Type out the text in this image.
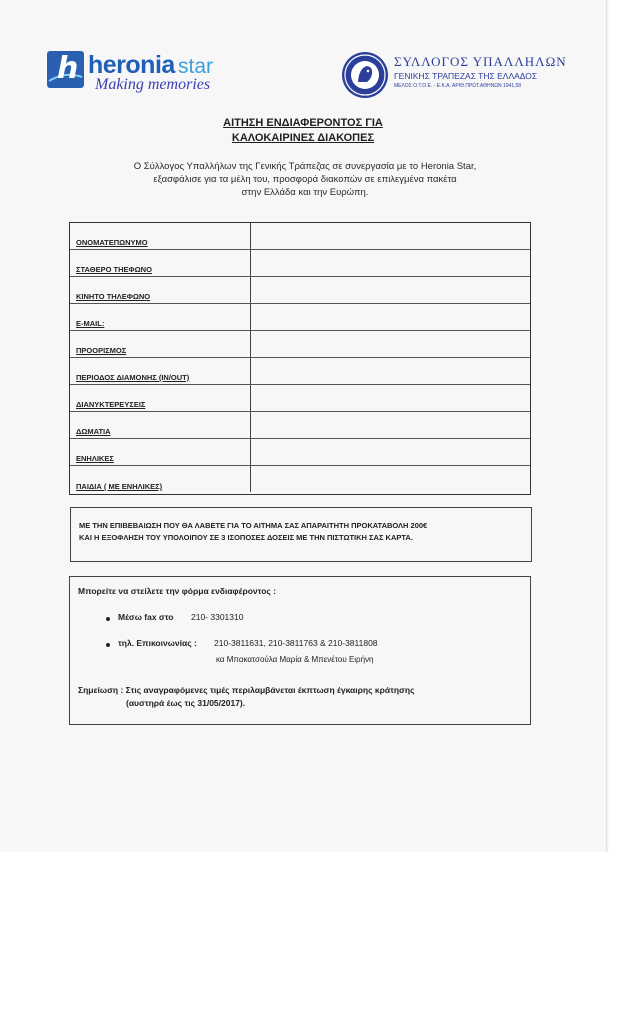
h heronia star
Making memories
ΣΥΛΛΟΓΟΣ ΥΠΑΛΛΗΛΩΝ
ΓΕΝΙΚΗΣ ΤΡΑΠΕΖΑΣ ΤΗΣ ΕΛΛΑΔΟΣ
ΜΕΛΟΣ Ο.Τ.Ο.Ε. - Ε.Κ.Α. ΑΡΙΘ.ΠΡΩΤ.ΑΘΗΝΩΝ 1941,58
ΑΙΤΗΣΗ ΕΝΔΙΑΦΕΡΟΝΤΟΣ ΓΙΑ
ΚΑΛΟΚΑΙΡΙΝΕΣ ΔΙΑΚΟΠΕΣ
Ο Σύλλογος Υπαλλήλων της Γενικής Τράπεζας σε συνεργασία με το Heronia Star,
εξασφάλισε για τα μέλη του, προσφορά διακοπών σε επιλεγμένα πακέτα
στην Ελλάδα και την Ευρώπη.
ΟΝΟΜΑΤΕΠΩΝΥΜΟ
ΣΤΑΘΕΡΟ ΤΗΕΦΩΝΟ
ΚΙΝΗΤΟ ΤΗΛΕΦΩΝΟ
E-MAIL:
ΠΡΟΟΡΙΣΜΟΣ
ΠΕΡΙΟΔΟΣ ΔΙΑΜΟΝΗΣ (IN/OUT)
ΔΙΑΝΥΚΤΕΡΕΥΣΕΙΣ
ΔΩΜΑΤΙΑ
ΕΝΗΛΙΚΕΣ
ΠΑΙΔΙΑ ( ΜΕ ΕΝΗΛΙΚΕΣ)
ΜΕ ΤΗΝ ΕΠΙΒΕΒΑΙΩΣΗ ΠΟΥ ΘΑ ΛΑΒΕΤΕ ΓΙΑ ΤΟ ΑΙΤΗΜΑ ΣΑΣ ΑΠΑΡΑΙΤΗΤΗ ΠΡΟΚΑΤΑΒΟΛΗ 200€
ΚΑΙ Η ΕΞΟΦΛΗΣΗ ΤΟΥ ΥΠΟΛΟΙΠΟΥ ΣΕ 3 ΙΣΟΠΟΣΕΣ ΔΟΣΕΙΣ ΜΕ ΤΗΝ ΠΙΣΤΩΤΙΚΗ ΣΑΣ ΚΑΡΤΑ.
Μπορείτε να στείλετε την φόρμα ενδιαφέροντος :
Μέσω fax στο 210- 3301310
τηλ. Επικοινωνίας : 210-3811631, 210-3811763 & 210-3811808
κα Μπακατσούλα Μαρία & Μπενέτου Ειρήνη
Σημείωση : Στις αναγραφόμενες τιμές περιλαμβάνεται έκπτωση έγκαιρης κράτησης
(αυστηρά έως τις 31/05/2017).
